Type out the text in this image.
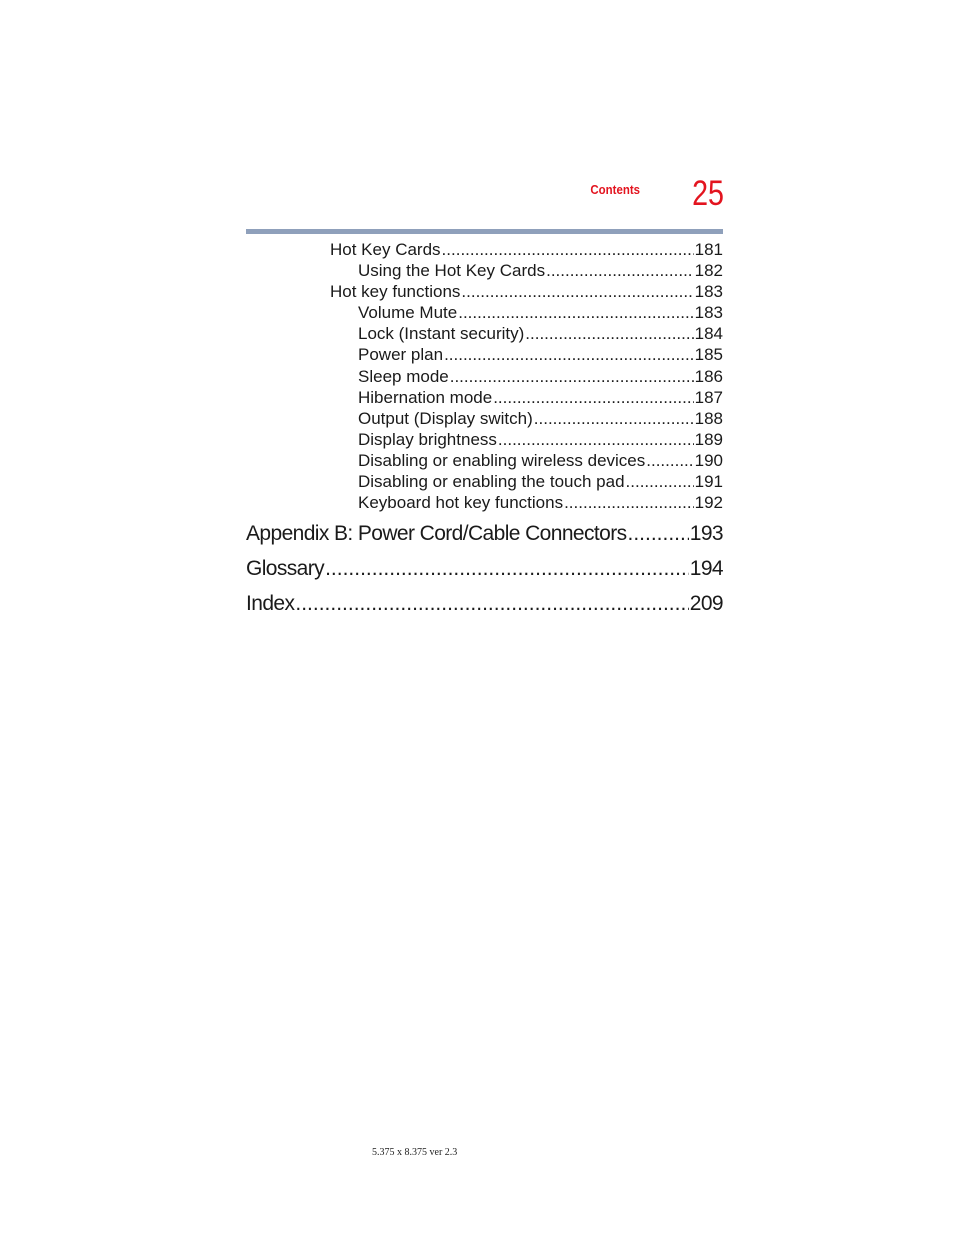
Contents	25
Hot Key Cards .....	181
Using the Hot Key Cards .....	182
Hot key functions .....	183
Volume Mute .....	183
Lock (Instant security) .....	184
Power plan .....	185
Sleep mode .....	186
Hibernation mode .....	187
Output (Display switch) .....	188
Display brightness .....	189
Disabling or enabling wireless devices .....	190
Disabling or enabling the touch pad .....	191
Keyboard hot key functions .....	192
Appendix B: Power Cord/Cable Connectors .....	193
Glossary .....	194
Index .....	209
5.375 x 8.375 ver 2.3
